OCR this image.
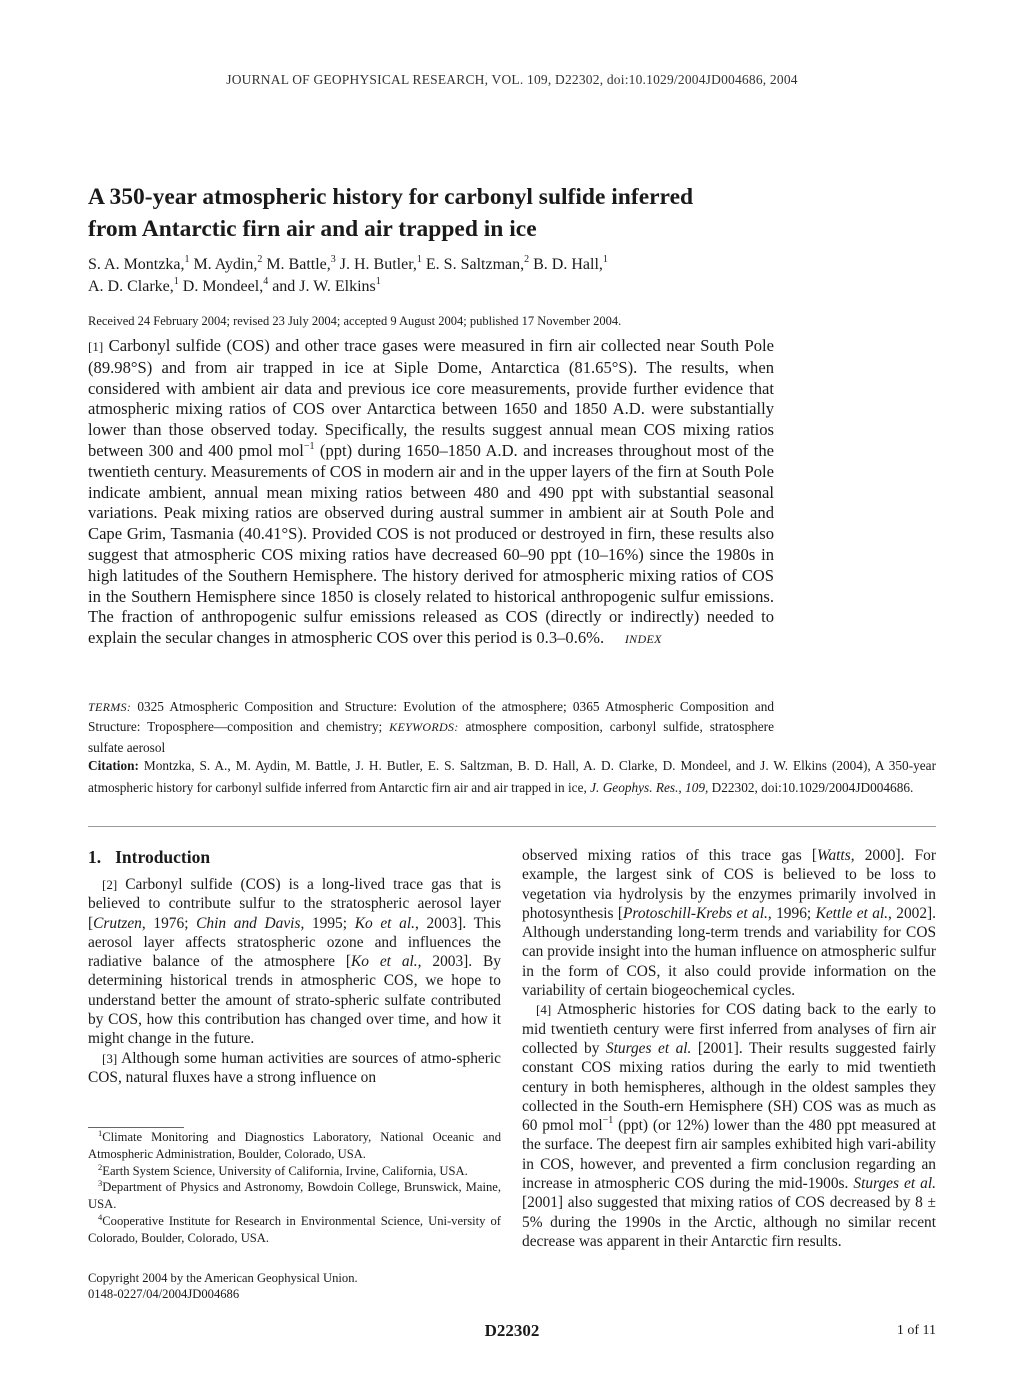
JOURNAL OF GEOPHYSICAL RESEARCH, VOL. 109, D22302, doi:10.1029/2004JD004686, 2004
A 350-year atmospheric history for carbonyl sulfide inferred
from Antarctic firn air and air trapped in ice
S. A. Montzka,$^1$ M. Aydin,$^2$ M. Battle,$^3$ J. H. Butler,$^1$ E. S. Saltzman,$^2$ B. D. Hall,$^1$
A. D. Clarke,$^1$ D. Mondeel,$^4$ and J. W. Elkins$^1$
Received 24 February 2004; revised 23 July 2004; accepted 9 August 2004; published 17 November 2004.
[1] Carbonyl sulfide (COS) and other trace gases were measured in firn air collected near South Pole (89.98°S) and from air trapped in ice at Siple Dome, Antarctica (81.65°S). The results, when considered with ambient air data and previous ice core measurements, provide further evidence that atmospheric mixing ratios of COS over Antarctica between 1650 and 1850 A.D. were substantially lower than those observed today. Specifically, the results suggest annual mean COS mixing ratios between 300 and 400 pmol mol$^{-1}$ (ppt) during 1650–1850 A.D. and increases throughout most of the twentieth century. Measurements of COS in modern air and in the upper layers of the firn at South Pole indicate ambient, annual mean mixing ratios between 480 and 490 ppt with substantial seasonal variations. Peak mixing ratios are observed during austral summer in ambient air at South Pole and Cape Grim, Tasmania (40.41°S). Provided COS is not produced or destroyed in firn, these results also suggest that atmospheric COS mixing ratios have decreased 60–90 ppt (10–16%) since the 1980s in high latitudes of the Southern Hemisphere. The history derived for atmospheric mixing ratios of COS in the Southern Hemisphere since 1850 is closely related to historical anthropogenic sulfur emissions. The fraction of anthropogenic sulfur emissions released as COS (directly or indirectly) needed to explain the secular changes in atmospheric COS over this period is 0.3–0.6%. INDEX
TERMS: 0325 Atmospheric Composition and Structure: Evolution of the atmosphere; 0365 Atmospheric Composition and Structure: Troposphere—composition and chemistry; KEYWORDS: atmosphere composition, carbonyl sulfide, stratosphere sulfate aerosol
Citation: Montzka, S. A., M. Aydin, M. Battle, J. H. Butler, E. S. Saltzman, B. D. Hall, A. D. Clarke, D. Mondeel, and J. W. Elkins (2004), A 350-year atmospheric history for carbonyl sulfide inferred from Antarctic firn air and air trapped in ice, J. Geophys. Res., 109, D22302, doi:10.1029/2004JD004686.
1. Introduction

[2] Carbonyl sulfide (COS) is a long-lived trace gas that is believed to contribute sulfur to the stratospheric aerosol layer [Crutzen, 1976; Chin and Davis, 1995; Ko et al., 2003]. This aerosol layer affects stratospheric ozone and influences the radiative balance of the atmosphere [Ko et al., 2003]. By determining historical trends in atmospheric COS, we hope to understand better the amount of strato-spheric sulfate contributed by COS, how this contribution has changed over time, and how it might change in the future.

[3] Although some human activities are sources of atmo-spheric COS, natural fluxes have a strong influence on

$^1$Climate Monitoring and Diagnostics Laboratory, National Oceanic and Atmospheric Administration, Boulder, Colorado, USA.

$^2$Earth System Science, University of California, Irvine, California, USA.

$^3$Department of Physics and Astronomy, Bowdoin College, Brunswick, Maine, USA.

$^4$Cooperative Institute for Research in Environmental Science, Uni-versity of Colorado, Boulder, Colorado, USA.

Copyright 2004 by the American Geophysical Union.
0148-0227/04/2004JD004686

observed mixing ratios of this trace gas [Watts, 2000]. For example, the largest sink of COS is believed to be loss to vegetation via hydrolysis by the enzymes primarily involved in photosynthesis [Protoschill-Krebs et al., 1996; Kettle et al., 2002]. Although understanding long-term trends and variability for COS can provide insight into the human influence on atmospheric sulfur in the form of COS, it also could provide information on the variability of certain biogeochemical cycles.

[4] Atmospheric histories for COS dating back to the early to mid twentieth century were first inferred from analyses of firn air collected by Sturges et al. [2001]. Their results suggested fairly constant COS mixing ratios during the early to mid twentieth century in both hemispheres, although in the oldest samples they collected in the South-ern Hemisphere (SH) COS was as much as 60 pmol mol$^{-1}$ (ppt) (or 12%) lower than the 480 ppt measured at the surface. The deepest firn air samples exhibited high vari-ability in COS, however, and prevented a firm conclusion regarding an increase in atmospheric COS during the mid-1900s. Sturges et al. [2001] also suggested that mixing ratios of COS decreased by 8 ± 5% during the 1990s in the Arctic, although no similar recent decrease was apparent in their Antarctic firn results.

D22302	1 of 11
